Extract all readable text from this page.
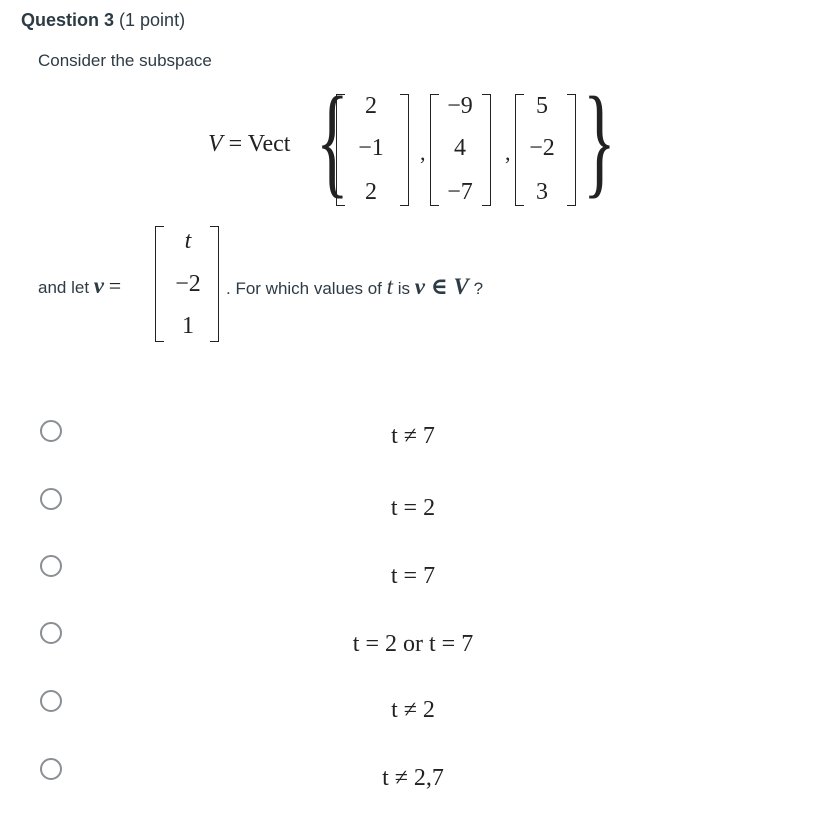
Question 3 (1 point)
Consider the subspace
V = Vect { }
2
−1
2
,
−9
4
−7
,
5
−2
3
and let v =
t
−2
1
. For which values of t is v ∈ V ?
t ≠ 7
t = 2
t = 7
t = 2 or t = 7
t ≠ 2
t ≠ 2,7
